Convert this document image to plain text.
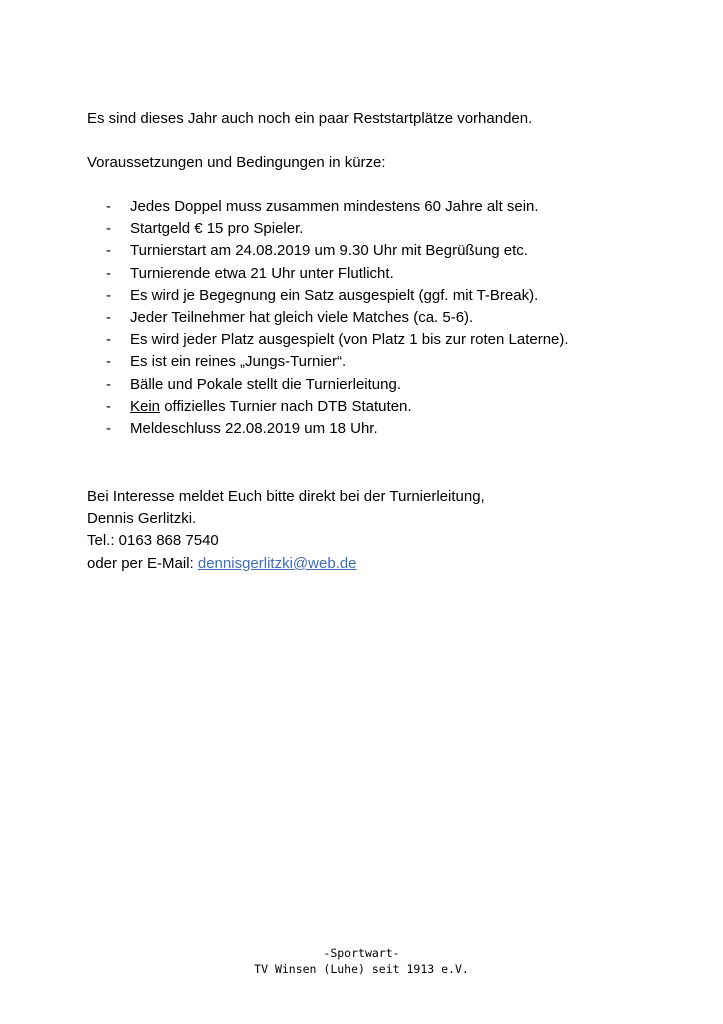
Es sind dieses Jahr auch noch ein paar Reststartplätze vorhanden.

Voraussetzungen und Bedingungen in kürze:

- Jedes Doppel muss zusammen mindestens 60 Jahre alt sein.
- Startgeld € 15 pro Spieler.
- Turnierstart am 24.08.2019 um 9.30 Uhr mit Begrüßung etc.
- Turnierende etwa 21 Uhr unter Flutlicht.
- Es wird je Begegnung ein Satz ausgespielt (ggf. mit T-Break).
- Jeder Teilnehmer hat gleich viele Matches (ca. 5-6).
- Es wird jeder Platz ausgespielt (von Platz 1 bis zur roten Laterne).
- Es ist ein reines „Jungs-Turnier“.
- Bälle und Pokale stellt die Turnierleitung.
- Kein offizielles Turnier nach DTB Statuten.
- Meldeschluss 22.08.2019 um 18 Uhr.
Bei Interesse meldet Euch bitte direkt bei der Turnierleitung,
Dennis Gerlitzki.
Tel.: 0163 868 7540
oder per E-Mail: dennisgerlitzki@web.de
-Sportwart-
TV Winsen (Luhe) seit 1913 e.V.
